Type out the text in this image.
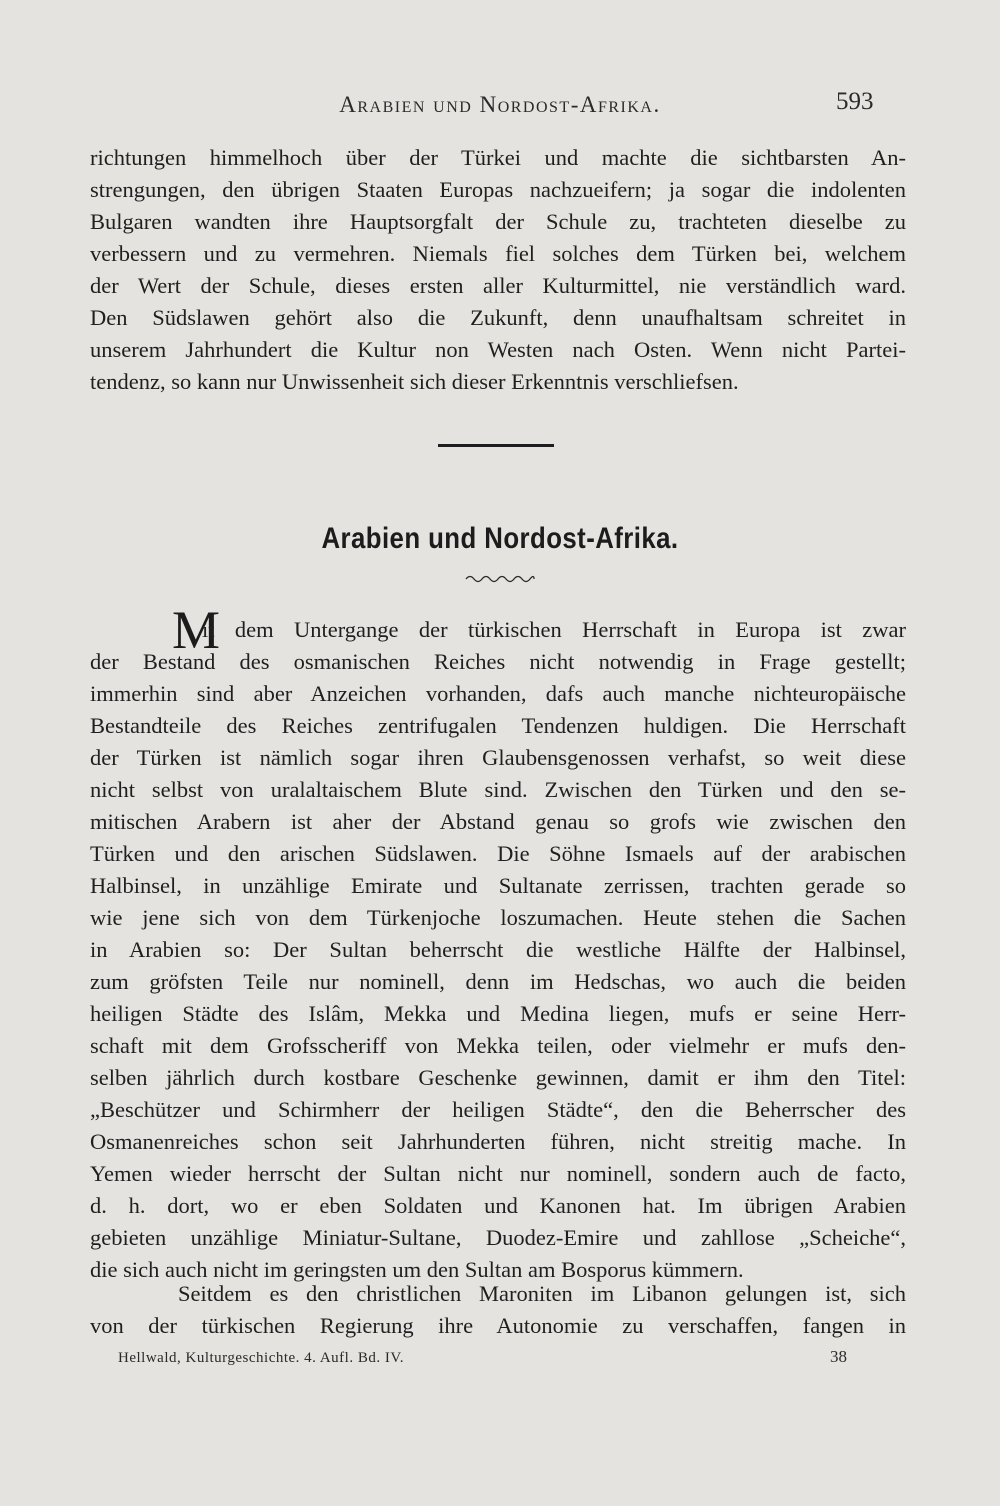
Arabien und Nordost-Afrika.	593
richtungen himmelhoch über der Türkei und machte die sichtbarsten An-
strengungen, den übrigen Staaten Europas nachzueifern; ja sogar die indolenten
Bulgaren wandten ihre Hauptsorgfalt der Schule zu, trachteten dieselbe zu
verbessern und zu vermehren. Niemals fiel solches dem Türken bei, welchem
der Wert der Schule, dieses ersten aller Kulturmittel, nie verständlich ward.
Den Südslawen gehört also die Zukunft, denn unaufhaltsam schreitet in
unserem Jahrhundert die Kultur non Westen nach Osten. Wenn nicht Partei-
tendenz, so kann nur Unwissenheit sich dieser Erkenntnis verschliefsen.
Arabien und Nordost-Afrika.
M
it dem Untergange der türkischen Herrschaft in Europa ist zwar
der Bestand des osmanischen Reiches nicht notwendig in Frage gestellt;
immerhin sind aber Anzeichen vorhanden, dafs auch manche nichteuropäische
Bestandteile des Reiches zentrifugalen Tendenzen huldigen. Die Herrschaft
der Türken ist nämlich sogar ihren Glaubensgenossen verhafst, so weit diese
nicht selbst von uralaltaischem Blute sind. Zwischen den Türken und den se-
mitischen Arabern ist aher der Abstand genau so grofs wie zwischen den
Türken und den arischen Südslawen. Die Söhne Ismaels auf der arabischen
Halbinsel, in unzählige Emirate und Sultanate zerrissen, trachten gerade so
wie jene sich von dem Türkenjoche loszumachen. Heute stehen die Sachen
in Arabien so: Der Sultan beherrscht die westliche Hälfte der Halbinsel,
zum gröfsten Teile nur nominell, denn im Hedschas, wo auch die beiden
heiligen Städte des Islâm, Mekka und Medina liegen, mufs er seine Herr-
schaft mit dem Grofsscheriff von Mekka teilen, oder vielmehr er mufs den-
selben jährlich durch kostbare Geschenke gewinnen, damit er ihm den Titel:
„Beschützer und Schirmherr der heiligen Städte“, den die Beherrscher des
Osmanenreiches schon seit Jahrhunderten führen, nicht streitig mache. In
Yemen wieder herrscht der Sultan nicht nur nominell, sondern auch de facto,
d. h. dort, wo er eben Soldaten und Kanonen hat. Im übrigen Arabien
gebieten unzählige Miniatur-Sultane, Duodez-Emire und zahllose „Scheiche“,
die sich auch nicht im geringsten um den Sultan am Bosporus kümmern.
Seitdem es den christlichen Maroniten im Libanon gelungen ist, sich
von der türkischen Regierung ihre Autonomie zu verschaffen, fangen in
Hellwald, Kulturgeschichte. 4. Aufl. Bd. IV.	38
